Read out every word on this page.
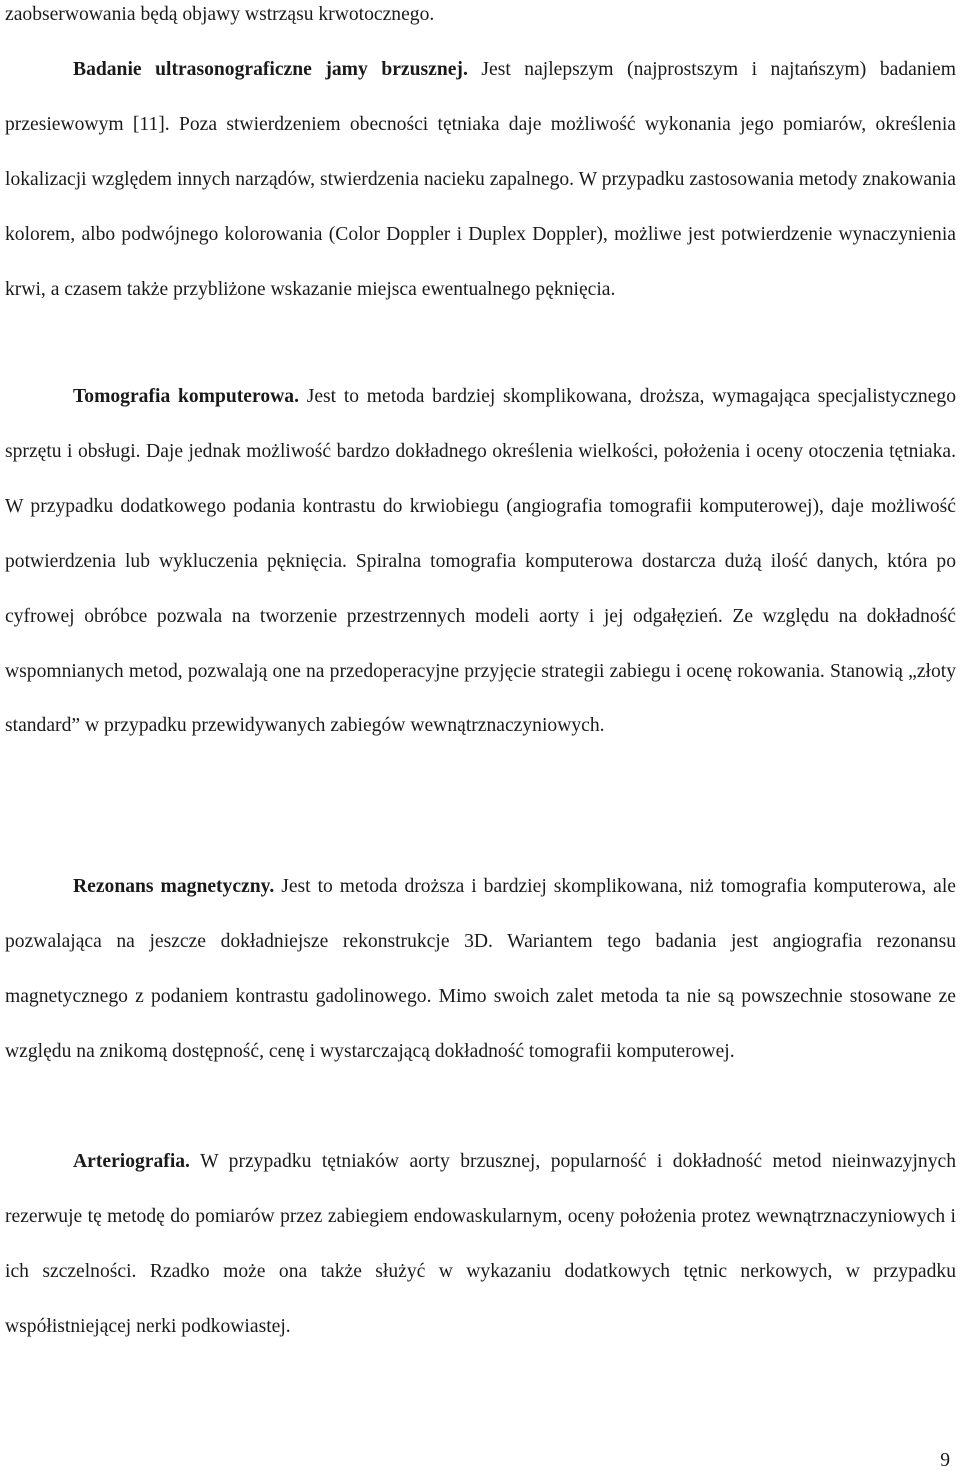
zaobserwowania będą objawy wstrząsu krwotocznego.

Badanie ultrasonograficzne jamy brzusznej. Jest najlepszym (najprostszym i najtańszym) badaniem przesiewowym [11]. Poza stwierdzeniem obecności tętniaka daje możliwość wykonania jego pomiarów, określenia lokalizacji względem innych narządów, stwierdzenia nacieku zapalnego. W przypadku zastosowania metody znakowania kolorem, albo podwójnego kolorowania (Color Doppler i Duplex Doppler), możliwe jest potwierdzenie wynaczynienia krwi, a czasem także przybliżone wskazanie miejsca ewentualnego pęknięcia.

Tomografia komputerowa. Jest to metoda bardziej skomplikowana, droższa, wymagająca specjalistycznego sprzętu i obsługi. Daje jednak możliwość bardzo dokładnego określenia wielkości, położenia i oceny otoczenia tętniaka. W przypadku dodatkowego podania kontrastu do krwiobiegu (angiografia tomografii komputerowej), daje możliwość potwierdzenia lub wykluczenia pęknięcia. Spiralna tomografia komputerowa dostarcza dużą ilość danych, która po cyfrowej obróbce pozwala na tworzenie przestrzennych modeli aorty i jej odgałęzień. Ze względu na dokładność wspomnianych metod, pozwalają one na przedoperacyjne przyjęcie strategii zabiegu i ocenę rokowania. Stanowią „złoty standard” w przypadku przewidywanych zabiegów wewnątrznaczyniowych.

Rezonans magnetyczny. Jest to metoda droższa i bardziej skomplikowana, niż tomografia komputerowa, ale pozwalająca na jeszcze dokładniejsze rekonstrukcje 3D. Wariantem tego badania jest angiografia rezonansu magnetycznego z podaniem kontrastu gadolinowego. Mimo swoich zalet metoda ta nie są powszechnie stosowane ze względu na znikomą dostępność, cenę i wystarczającą dokładność tomografii komputerowej.

Arteriografia. W przypadku tętniaków aorty brzusznej, popularność i dokładność metod nieinwazyjnych rezerwuje tę metodę do pomiarów przez zabiegiem endowaskularnym, oceny położenia protez wewnątrznaczyniowych i ich szczelności. Rzadko może ona także służyć w wykazaniu dodatkowych tętnic nerkowych, w przypadku współistniejącej nerki podkowiastej.

9
